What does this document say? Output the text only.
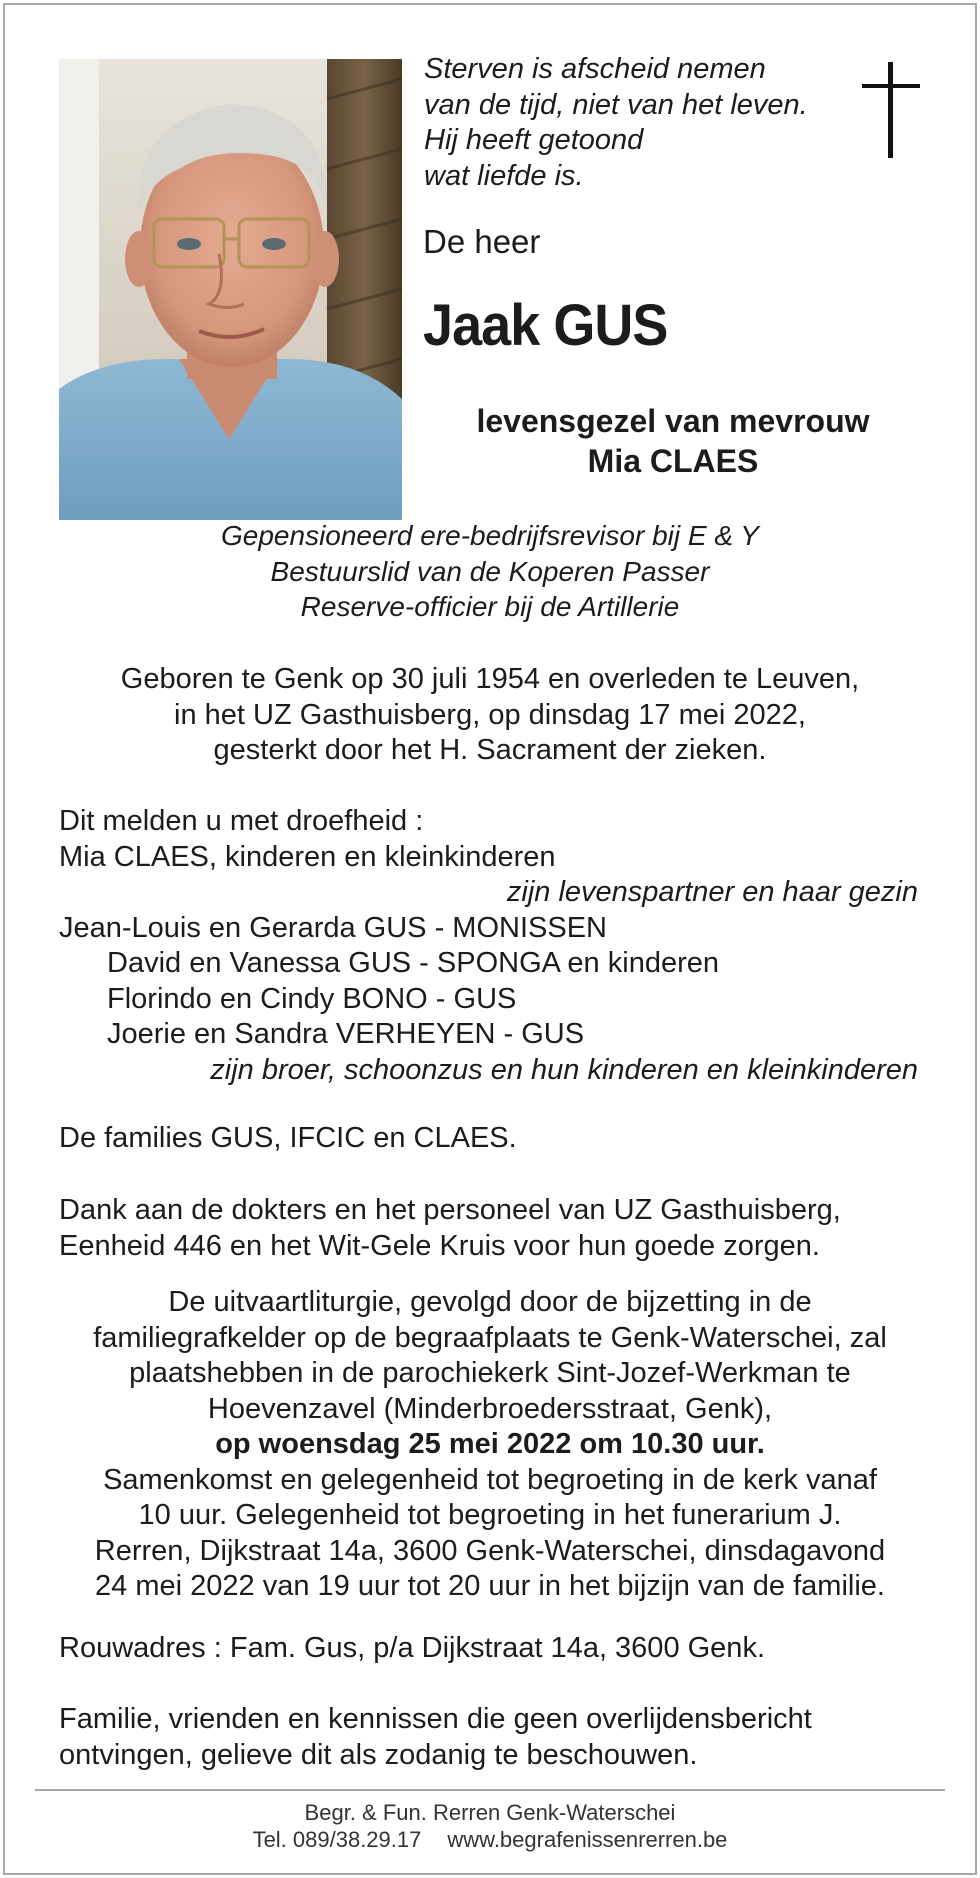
Sterven is afscheid nemen
van de tijd, niet van het leven.
Hij heeft getoond
wat liefde is.
De heer
Jaak GUS
levensgezel van mevrouw
Mia CLAES
Gepensioneerd ere-bedrijfsrevisor bij E & Y
Bestuurslid van de Koperen Passer
Reserve-officier bij de Artillerie
Geboren te Genk op 30 juli 1954 en overleden te Leuven,
in het UZ Gasthuisberg, op dinsdag 17 mei 2022,
gesterkt door het H. Sacrament der zieken.
Dit melden u met droefheid :
Mia CLAES, kinderen en kleinkinderen
zijn levenspartner en haar gezin
Jean-Louis en Gerarda GUS - MONISSEN
David en Vanessa GUS - SPONGA en kinderen
Florindo en Cindy BONO - GUS
Joerie en Sandra VERHEYEN - GUS
zijn broer, schoonzus en hun kinderen en kleinkinderen
De families GUS, IFCIC en CLAES.
Dank aan de dokters en het personeel van UZ Gasthuisberg,
Eenheid 446 en het Wit-Gele Kruis voor hun goede zorgen.
De uitvaartliturgie, gevolgd door de bijzetting in de
familiegrafkelder op de begraafplaats te Genk-Waterschei, zal
plaatshebben in de parochiekerk Sint-Jozef-Werkman te
Hoevenzavel (Minderbroedersstraat, Genk),
op woensdag 25 mei 2022 om 10.30 uur.
Samenkomst en gelegenheid tot begroeting in de kerk vanaf
10 uur. Gelegenheid tot begroeting in het funerarium J.
Rerren, Dijkstraat 14a, 3600 Genk-Waterschei, dinsdagavond
24 mei 2022 van 19 uur tot 20 uur in het bijzijn van de familie.
Rouwadres : Fam. Gus, p/a Dijkstraat 14a, 3600 Genk.
Familie, vrienden en kennissen die geen overlijdensbericht
ontvingen, gelieve dit als zodanig te beschouwen.
Begr. & Fun. Rerren Genk-Waterschei
Tel. 089/38.29.17 www.begrafenissenrerren.be
